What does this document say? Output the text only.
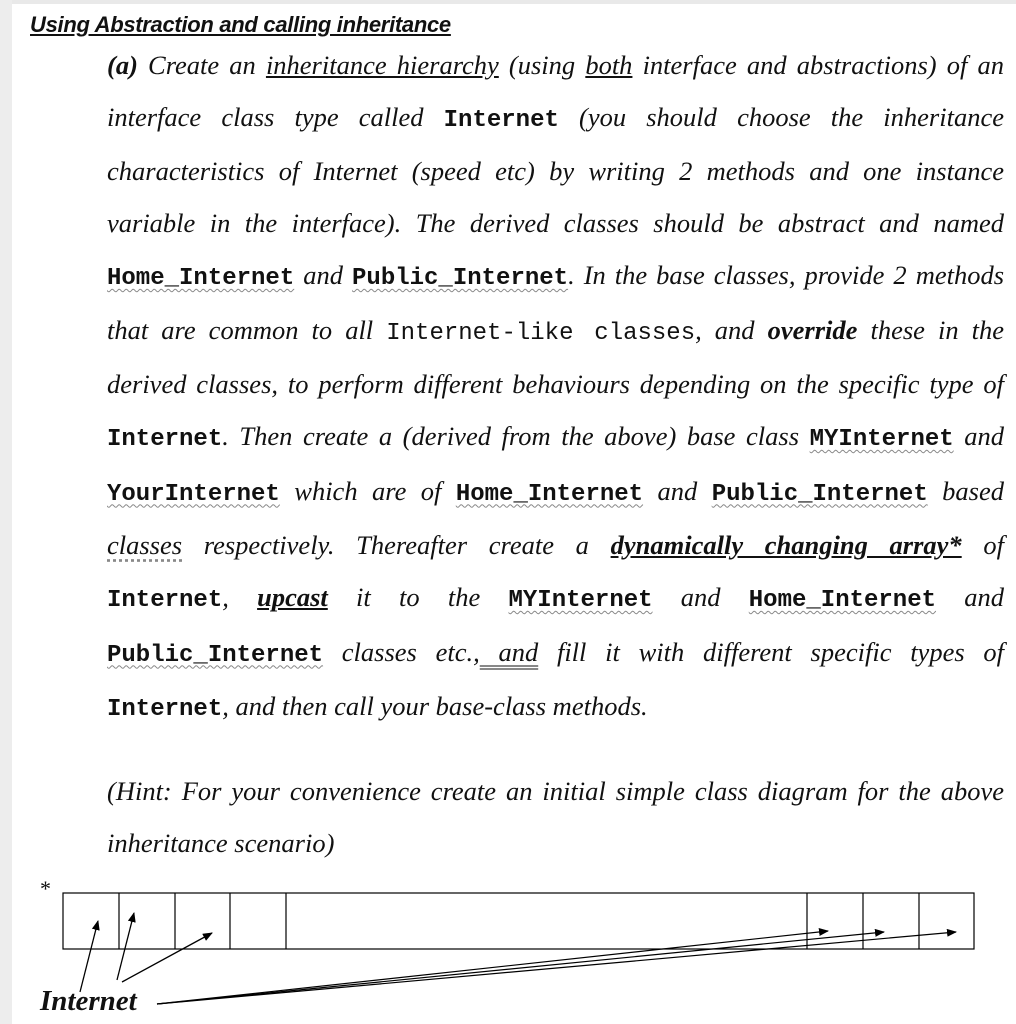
Using Abstraction and calling inheritance

(a) Create an inheritance hierarchy (using both interface and abstractions) of an interface class type called Internet (you should choose the inheritance characteristics of Internet (speed etc) by writing 2 methods and one instance variable in the interface). The derived classes should be abstract and named Home_Internet and Public_Internet. In the base classes, provide 2 methods that are common to all Internet-like classes, and override these in the derived classes, to perform different behaviours depending on the specific type of Internet. Then create a (derived from the above) base class MYInternet and YourInternet which are of Home_Internet and Public_Internet based classes respectively. Thereafter create a dynamically changing array* of Internet, upcast it to the MYInternet and Home_Internet and Public_Internet classes etc., and fill it with different specific types of Internet, and then call your base-class methods.

(Hint: For your convenience create an initial simple class diagram for the above inheritance scenario)

*
Internet
